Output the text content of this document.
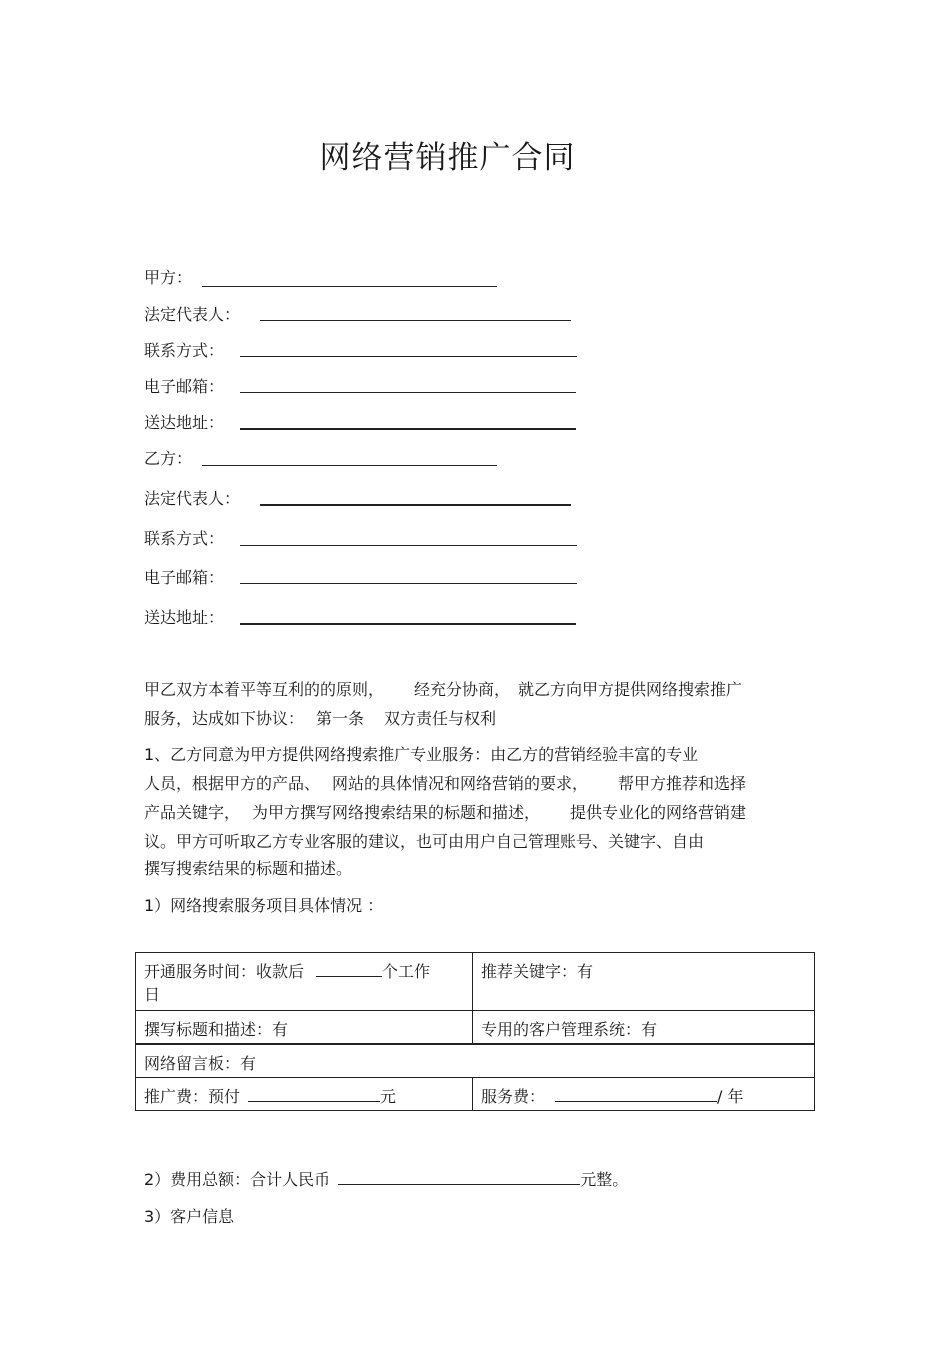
网络营销推广合同
甲方：
法定代表人：
联系方式：
电子邮箱：
送达地址：
乙方：
法定代表人：
联系方式：
电子邮箱：
送达地址：
甲乙双方本着平等互利的的原则， 经充分协商， 就乙方向甲方提供网络搜索推广
服务，达成如下协议： 第一条 双方责任与权利
1、乙方同意为甲方提供网络搜索推广专业服务：由乙方的营销经验丰富的专业
人员，根据甲方的产品、 网站的具体情况和网络营销的要求， 帮甲方推荐和选择
产品关键字， 为甲方撰写网络搜索结果的标题和描述， 提供专业化的网络营销建
议。甲方可听取乙方专业客服的建议，也可由用户自己管理账号、关键字、自由
撰写搜索结果的标题和描述。
1）网络搜索服务项目具体情况 ：
开通服务时间：收款后 个工作
日	推荐关键字：有
撰写标题和描述：有	专用的客户管理系统：有
网络留言板：有	
推广费：预付 元	服务费： / 年
2）费用总额：合计人民币	元整。
3）客户信息
